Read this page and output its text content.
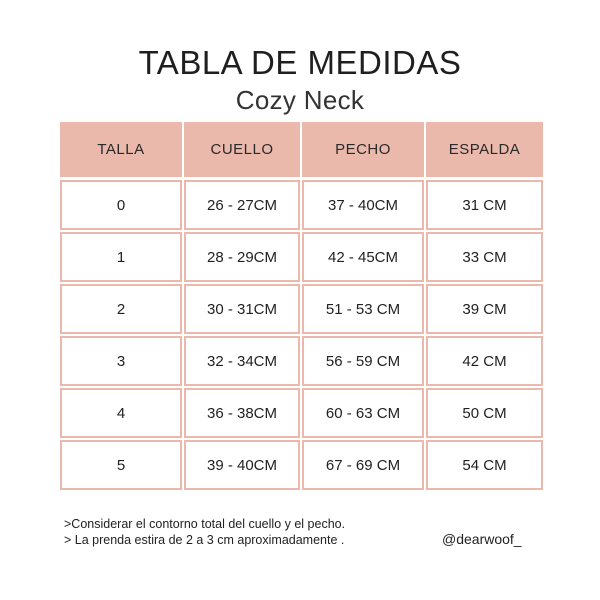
TABLA DE MEDIDAS
Cozy Neck
TALLA	CUELLO	PECHO	ESPALDA
0	26 - 27CM	37 - 40CM	31 CM
1	28 - 29CM	42 - 45CM	33 CM
2	30 - 31CM	51 - 53 CM	39 CM
3	32 - 34CM	56 - 59 CM	42 CM
4	36 - 38CM	60 - 63 CM	50 CM
5	39 - 40CM	67 - 69 CM	54 CM
>Considerar el contorno total del cuello y el pecho.
> La prenda estira de 2 a 3 cm aproximadamente .	@dearwoof_
